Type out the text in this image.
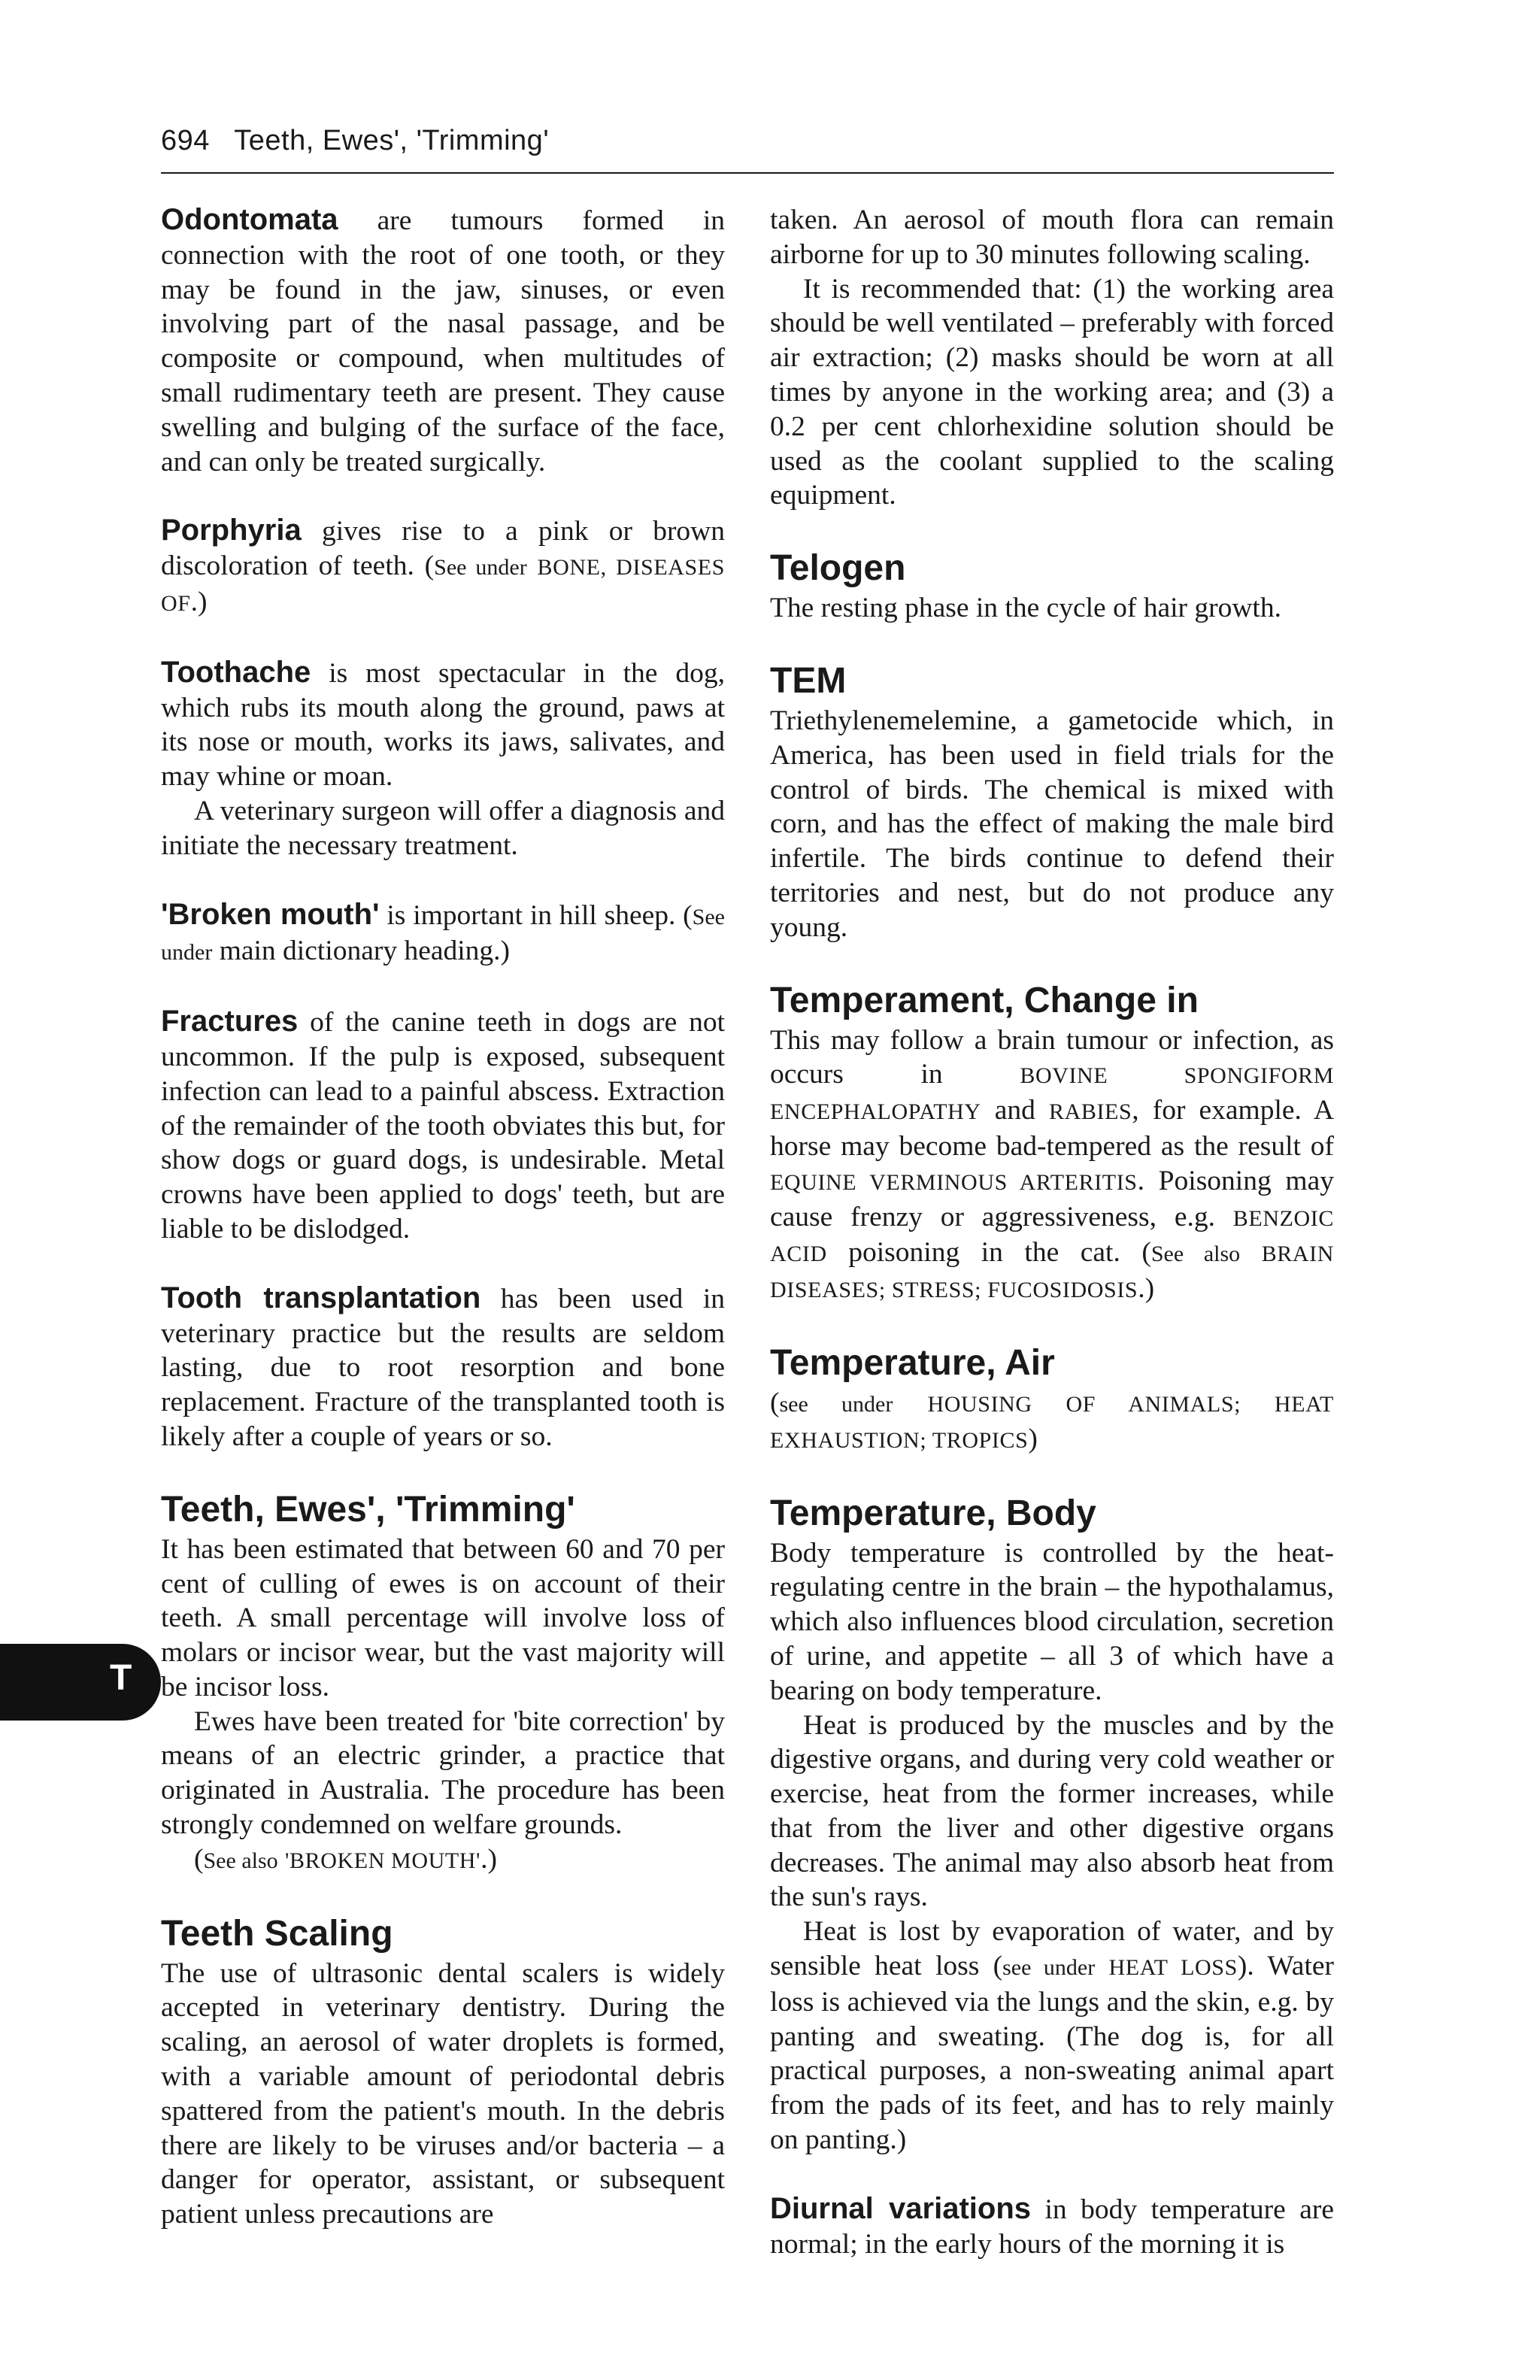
694 Teeth, Ewes', 'Trimming'

Odontomata are tumours formed in connection with the root of one tooth, or they may be found in the jaw, sinuses, or even involving part of the nasal passage, and be composite or compound, when multitudes of small rudimentary teeth are present. They cause swelling and bulging of the surface of the face, and can only be treated surgically.

Porphyria gives rise to a pink or brown discoloration of teeth. (See under BONE, DISEASES OF.)

Toothache is most spectacular in the dog, which rubs its mouth along the ground, paws at its nose or mouth, works its jaws, salivates, and may whine or moan.

A veterinary surgeon will offer a diagnosis and initiate the necessary treatment.

'Broken mouth' is important in hill sheep. (See under main dictionary heading.)

Fractures of the canine teeth in dogs are not uncommon. If the pulp is exposed, subsequent infection can lead to a painful abscess. Extraction of the remainder of the tooth obviates this but, for show dogs or guard dogs, is undesirable. Metal crowns have been applied to dogs' teeth, but are liable to be dislodged.

Tooth transplantation has been used in veterinary practice but the results are seldom lasting, due to root resorption and bone replacement. Fracture of the transplanted tooth is likely after a couple of years or so.

Teeth, Ewes', 'Trimming'

It has been estimated that between 60 and 70 per cent of culling of ewes is on account of their teeth. A small percentage will involve loss of molars or incisor wear, but the vast majority will be incisor loss.

Ewes have been treated for 'bite correction' by means of an electric grinder, a practice that originated in Australia. The procedure has been strongly condemned on welfare grounds.

(See also 'BROKEN MOUTH'.)

Teeth Scaling

The use of ultrasonic dental scalers is widely accepted in veterinary dentistry. During the scaling, an aerosol of water droplets is formed, with a variable amount of periodontal debris spattered from the patient's mouth. In the debris there are likely to be viruses and/or bacteria – a danger for operator, assistant, or subsequent patient unless precautions are

taken. An aerosol of mouth flora can remain airborne for up to 30 minutes following scaling.

It is recommended that: (1) the working area should be well ventilated – preferably with forced air extraction; (2) masks should be worn at all times by anyone in the working area; and (3) a 0.2 per cent chlorhexidine solution should be used as the coolant supplied to the scaling equipment.

Telogen

The resting phase in the cycle of hair growth.

TEM

Triethylenemelemine, a gametocide which, in America, has been used in field trials for the control of birds. The chemical is mixed with corn, and has the effect of making the male bird infertile. The birds continue to defend their territories and nest, but do not produce any young.

Temperament, Change in

This may follow a brain tumour or infection, as occurs in	BOVINE SPONGIFORM ENCEPHALOPATHY and RABIES, for example. A horse may become bad-tempered as the result of EQUINE VERMINOUS ARTERITIS. Poisoning may cause frenzy or aggressiveness, e.g. BENZOIC ACID poisoning in the cat. (See also BRAIN DISEASES; STRESS; FUCOSIDOSIS.)

Temperature, Air

(see under HOUSING OF ANIMALS; HEAT EXHAUSTION; TROPICS)

Temperature, Body

Body temperature is controlled by the heat-regulating centre in the brain – the hypothalamus, which also influences blood circulation, secretion of urine, and appetite – all 3 of which have a bearing on body temperature.

Heat is produced by the muscles and by the digestive organs, and during very cold weather or exercise, heat from the former increases, while that from the liver and other digestive organs decreases. The animal may also absorb heat from the sun's rays.

Heat is lost by evaporation of water, and by sensible heat loss (see under HEAT LOSS). Water loss is achieved via the lungs and the skin, e.g. by panting and sweating. (The dog is, for all practical purposes, a non-sweating animal apart from the pads of its feet, and has to rely mainly on panting.)

Diurnal variations in body temperature are normal; in the early hours of the morning it is

T
